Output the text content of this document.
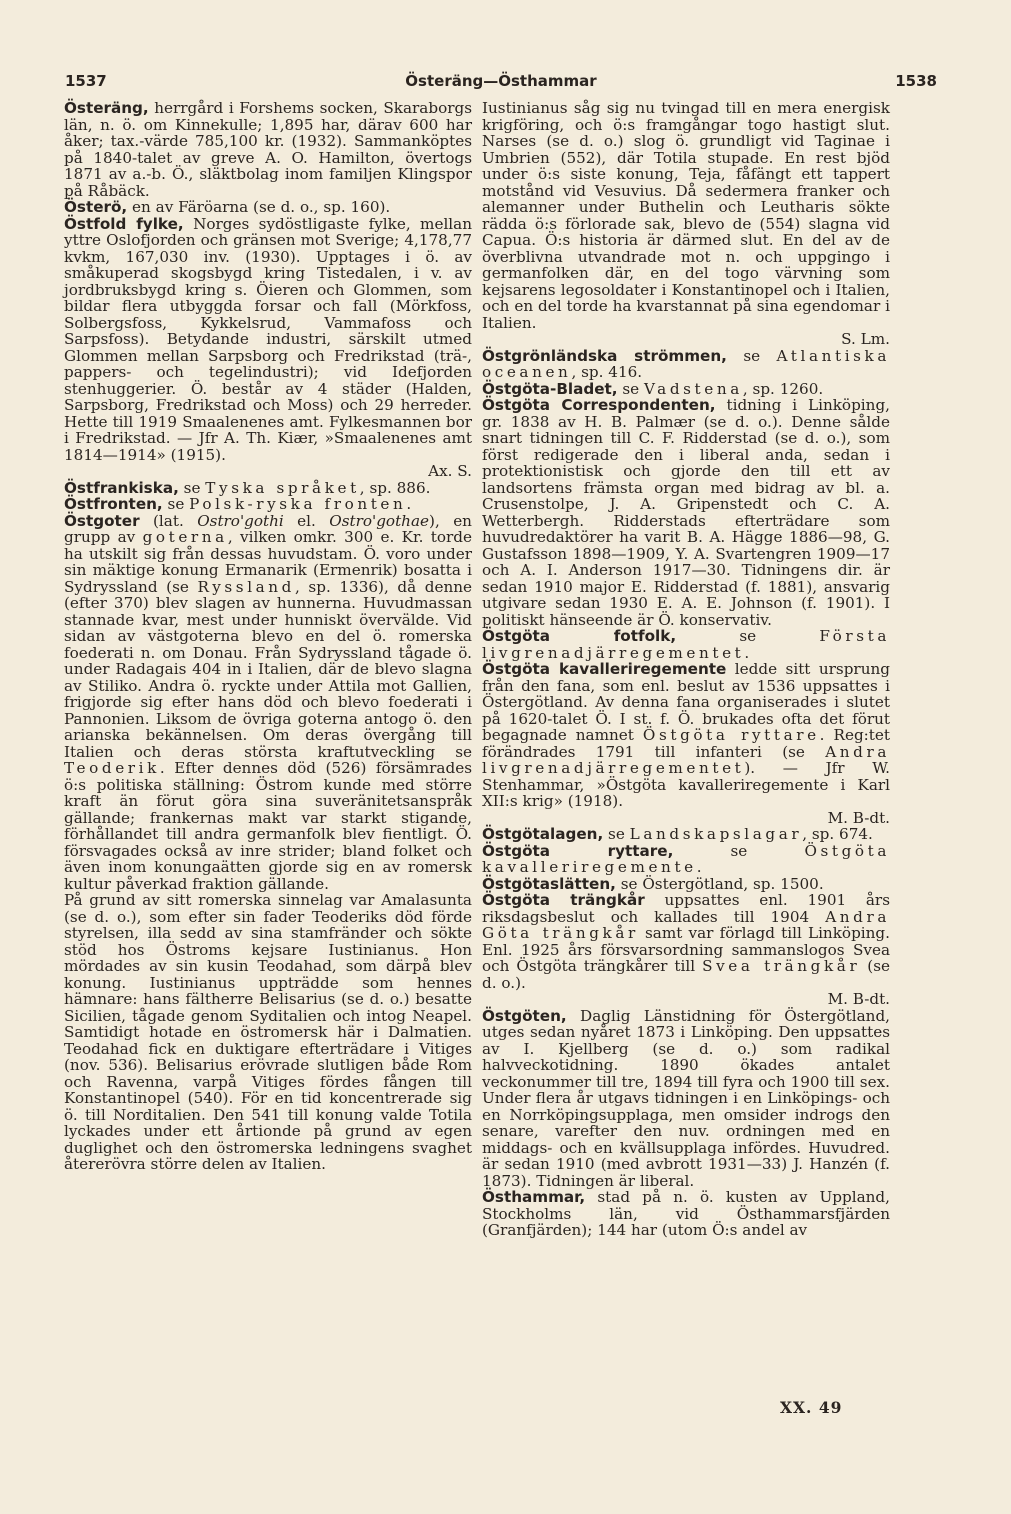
1537	Österäng—Östhammar	1538

Österäng, herrgård i Forshems socken, Skaraborgs län, n. ö. om Kinnekulle; 1,895 har, därav 600 har åker; tax.-värde 785,100 kr. (1932). Sammanköptes på 1840-talet av greve A. O. Hamilton, övertogs 1871 av a.-b. Ö., släktbolag inom familjen Klingspor på Råbäck.

Österö, en av Färöarna (se d. o., sp. 160).

Östfold fylke, Norges sydöstligaste fylke, mellan yttre Oslofjorden och gränsen mot Sverige; 4,178,77 kvkm, 167,030 inv. (1930). Upptages i ö. av småkuperad skogsbygd kring Tistedalen, i v. av jordbruksbygd kring s. Öieren och Glommen, som bildar flera utbyggda forsar och fall (Mörkfoss, Solbergsfoss, Kykkelsrud, Vammafoss och Sarpsfoss). Betydande industri, särskilt utmed Glommen mellan Sarpsborg och Fredrikstad (trä-, pappers- och tegelindustri); vid Idefjorden stenhuggerier. Ö. består av 4 städer (Halden, Sarpsborg, Fredrikstad och Moss) och 29 herreder. Hette till 1919 Smaalenenes amt. Fylkesmannen bor i Fredrikstad. — Jfr A. Th. Kiær, »Smaalenenes amt 1814—1914» (1915).
Ax. S.

Östfrankiska, se Tyska språket, sp. 886.

Östfronten, se Polsk-ryska fronten.

Östgoter (lat. Ostro'gothi el. Ostro'gothae), en grupp av goterna, vilken omkr. 300 e. Kr. torde ha utskilt sig från dessas huvudstam. Ö. voro under sin mäktige konung Ermanarik (Ermenrik) bosatta i Sydryssland (se Ryssland, sp. 1336), då denne (efter 370) blev slagen av hunnerna. Huvudmassan stannade kvar, mest under hunniskt övervälde. Vid sidan av västgoterna blevo en del ö. romerska foederati n. om Donau. Från Sydryssland tågade ö. under Radagais 404 in i Italien, där de blevo slagna av Stiliko. Andra ö. ryckte under Attila mot Gallien, frigjorde sig efter hans död och blevo foederati i Pannonien. Liksom de övriga goterna antogo ö. den arianska bekännelsen. Om deras övergång till Italien och deras största kraftutveckling se Teoderik. Efter dennes död (526) försämrades ö:s politiska ställning: Östrom kunde med större kraft än förut göra sina suveränitetsanspråk gällande; frankernas makt var starkt stigande, förhållandet till andra germanfolk blev fientligt. Ö. försvagades också av inre strider; bland folket och även inom konungaätten gjorde sig en av romersk kultur påverkad fraktion gällande.

På grund av sitt romerska sinnelag var Amalasunta (se d. o.), som efter sin fader Teoderiks död förde styrelsen, illa sedd av sina stamfränder och sökte stöd hos Östroms kejsare Iustinianus. Hon mördades av sin kusin Teodahad, som därpå blev konung. Iustinianus uppträdde som hennes hämnare: hans fältherre Belisarius (se d. o.) besatte Sicilien, tågade genom Syditalien och intog Neapel. Samtidigt hotade en östromersk här i Dalmatien. Teodahad fick en duktigare efterträdare i Vitiges (nov. 536). Belisarius erövrade slutligen både Rom och Ravenna, varpå Vitiges fördes fången till Konstantinopel (540). För en tid koncentrerade sig ö. till Norditalien. Den 541 till konung valde Totila lyckades under ett årtionde på grund av egen duglighet och den östromerska ledningens svaghet återerövra större delen av Italien.

Iustinianus såg sig nu tvingad till en mera energisk krigföring, och ö:s framgångar togo hastigt slut. Narses (se d. o.) slog ö. grundligt vid Taginae i Umbrien (552), där Totila stupade. En rest bjöd under ö:s siste konung, Teja, fåfängt ett tappert motstånd vid Vesuvius. Då sedermera franker och alemanner under Buthelin och Leutharis sökte rädda ö:s förlorade sak, blevo de (554) slagna vid Capua. Ö:s historia är därmed slut. En del av de överblivna utvandrade mot n. och uppgingo i germanfolken där, en del togo värvning som kejsarens legosoldater i Konstantinopel och i Italien, och en del torde ha kvarstannat på sina egendomar i Italien.
S. Lm.

Östgrönländska strömmen, se Atlantiska oceanen, sp. 416.

Östgöta-Bladet, se Vadstena, sp. 1260.

Östgöta Correspondenten, tidning i Linköping, gr. 1838 av H. B. Palmær (se d. o.). Denne sålde snart tidningen till C. F. Ridderstad (se d. o.), som först redigerade den i liberal anda, sedan i protektionistisk och gjorde den till ett av landsortens främsta organ med bidrag av bl. a. Crusenstolpe, J. A. Gripenstedt och C. A. Wetterbergh. Ridderstads efterträdare som huvudredaktörer ha varit B. A. Hägge 1886—98, G. Gustafsson 1898—1909, Y. A. Svartengren 1909—17 och A. I. Anderson 1917—30. Tidningens dir. är sedan 1910 major E. Ridderstad (f. 1881), ansvarig utgivare sedan 1930 E. A. E. Johnson (f. 1901). I politiskt hänseende är Ö. konservativ.

Östgöta fotfolk, se Första livgrenadjärregementet.

Östgöta kavalleriregemente ledde sitt ursprung från den fana, som enl. beslut av 1536 uppsattes i Östergötland. Av denna fana organiserades i slutet på 1620-talet Ö. I st. f. Ö. brukades ofta det förut begagnade namnet Östgöta ryttare. Reg:tet förändrades 1791 till infanteri (se Andra livgrenadjärregementet). — Jfr W. Stenhammar, »Östgöta kavalleriregemente i Karl XII:s krig» (1918).
M. B-dt.

Östgötalagen, se Landskapslagar, sp. 674.

Östgöta ryttare, se Östgöta kavalleriregemente.

Östgötaslätten, se Östergötland, sp. 1500.

Östgöta trängkår uppsattes enl. 1901 års riksdagsbeslut och kallades till 1904 Andra Göta trängkår samt var förlagd till Linköping. Enl. 1925 års försvarsordning sammanslogos Svea och Östgöta trängkårer till Svea trängkår (se d. o.).
M. B-dt.

Östgöten, Daglig Länstidning för Östergötland, utges sedan nyåret 1873 i Linköping. Den uppsattes av I. Kjellberg (se d. o.) som radikal halvveckotidning. 1890 ökades antalet veckonummer till tre, 1894 till fyra och 1900 till sex. Under flera år utgavs tidningen i en Linköpings- och en Norrköpingsupplaga, men omsider indrogs den senare, varefter den nuv. ordningen med en middags- och en kvällsupplaga infördes. Huvudred. är sedan 1910 (med avbrott 1931—33) J. Hanzén (f. 1873). Tidningen är liberal.

Östhammar, stad på n. ö. kusten av Uppland, Stockholms län, vid Östhammarsfjärden (Granfjärden); 144 har (utom Ö:s andel av

XX. 49
